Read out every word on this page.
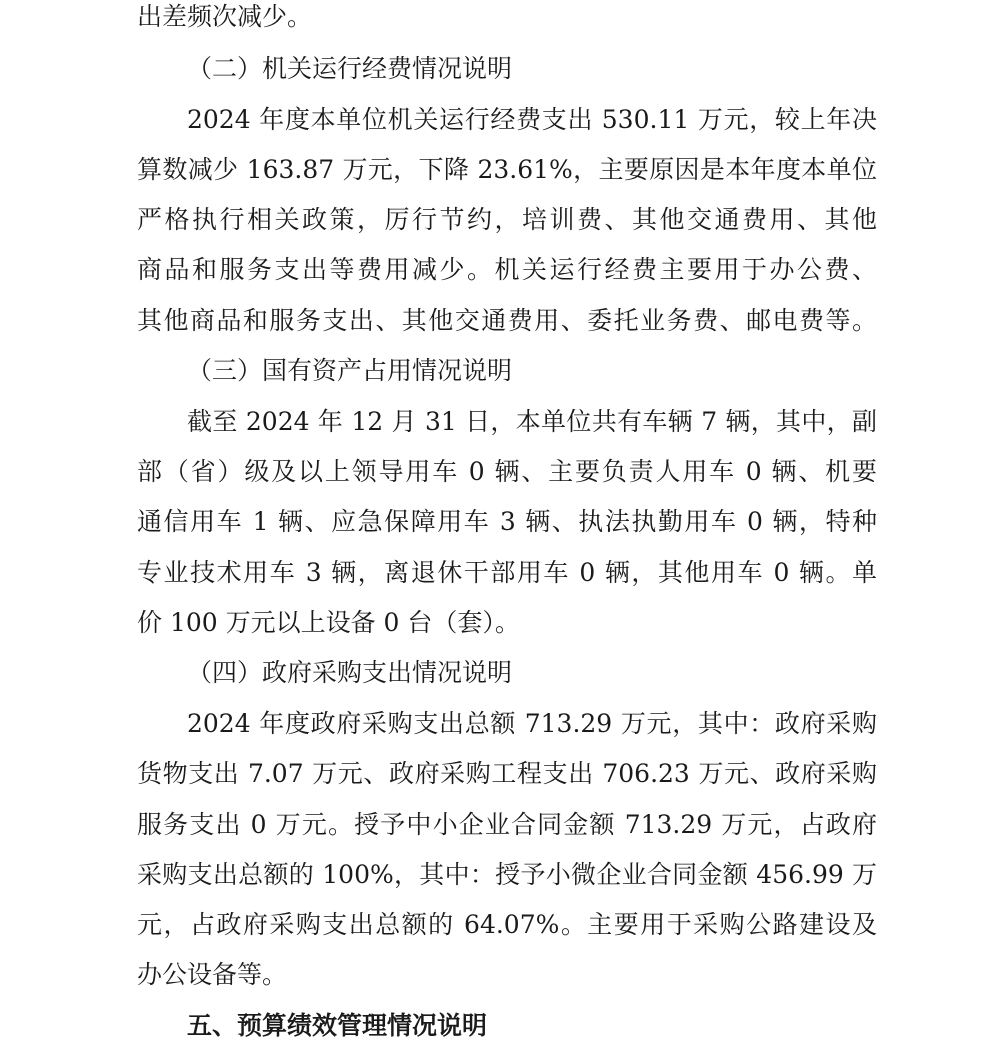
出差频次减少。
（二）机关运行经费情况说明
2024 年度本单位机关运行经费支出 530.11 万元，较上年决
算数减少 163.87 万元，下降 23.61%，主要原因是本年度本单位
严格执行相关政策，厉行节约，培训费、其他交通费用、其他
商品和服务支出等费用减少。机关运行经费主要用于办公费、
其他商品和服务支出、其他交通费用、委托业务费、邮电费等。
（三）国有资产占用情况说明
截至 2024 年 12 月 31 日，本单位共有车辆 7 辆，其中，副
部（省）级及以上领导用车 0 辆、主要负责人用车 0 辆、机要
通信用车 1 辆、应急保障用车 3 辆、执法执勤用车 0 辆，特种
专业技术用车 3 辆，离退休干部用车 0 辆，其他用车 0 辆。单
价 100 万元以上设备 0 台（套）。
（四）政府采购支出情况说明
2024 年度政府采购支出总额 713.29 万元，其中：政府采购
货物支出 7.07 万元、政府采购工程支出 706.23 万元、政府采购
服务支出 0 万元。授予中小企业合同金额 713.29 万元，占政府
采购支出总额的 100%，其中：授予小微企业合同金额 456.99 万
元，占政府采购支出总额的 64.07%。主要用于采购公路建设及
办公设备等。
五、预算绩效管理情况说明
